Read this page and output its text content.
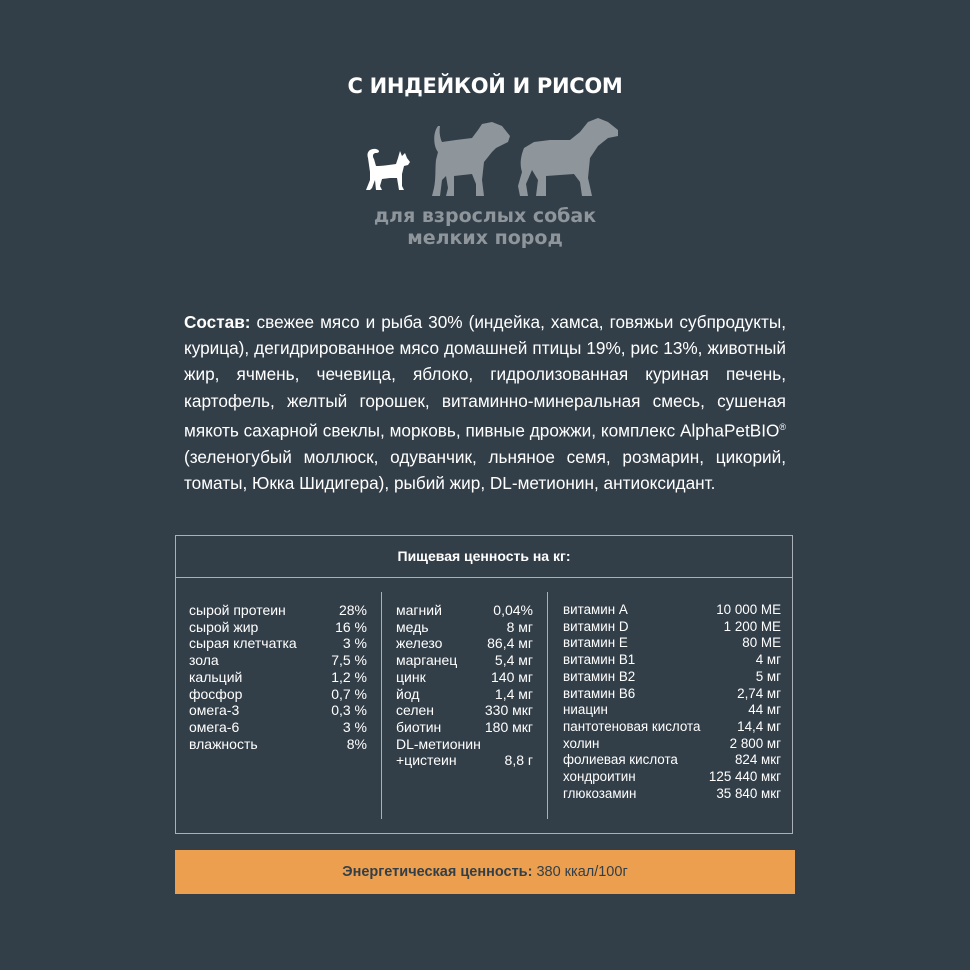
С ИНДЕЙКОЙ И РИСОМ
для взрослых собак
мелких пород
Состав: свежее мясо и рыба 30% (индейка, хамса, говяжьи субпродукты, курица), дегидрированное мясо домашней птицы 19%, рис 13%, животный жир, ячмень, чечевица, яблоко, гидролизованная куриная печень, картофель, желтый горошек, витаминно-минеральная смесь, сушеная мякоть сахарной свеклы, морковь, пивные дрожжи, комплекс AlphaPetBIO® (зеленогубый моллюск, одуванчик, льняное семя, розмарин, цикорий, томаты, Юкка Шидигера), рыбий жир, DL-метионин, антиоксидант.
Пищевая ценность на кг:
сырой протеин	28%
сырой жир	16 %
сырая клетчатка	3 %
зола	7,5 %
кальций	1,2 %
фосфор	0,7 %
омега-3	0,3 %
омега-6	3 %
влажность	8%
магний	0,04%
медь	8 мг
железо	86,4 мг
марганец	5,4 мг
цинк	140 мг
йод	1,4 мг
селен	330 мкг
биотин	180 мкг
DL-метионин
+цистеин	8,8 г
витамин A	10 000 МЕ
витамин D	1 200 МЕ
витамин E	80 МЕ
витамин B1	4 мг
витамин B2	5 мг
витамин B6	2,74 мг
ниацин	44 мг
пантотеновая кислота	14,4 мг
холин	2 800 мг
фолиевая кислота	824 мкг
хондроитин	125 440 мкг
глюкозамин	35 840 мкг
Энергетическая ценность: 380 ккал/100г
